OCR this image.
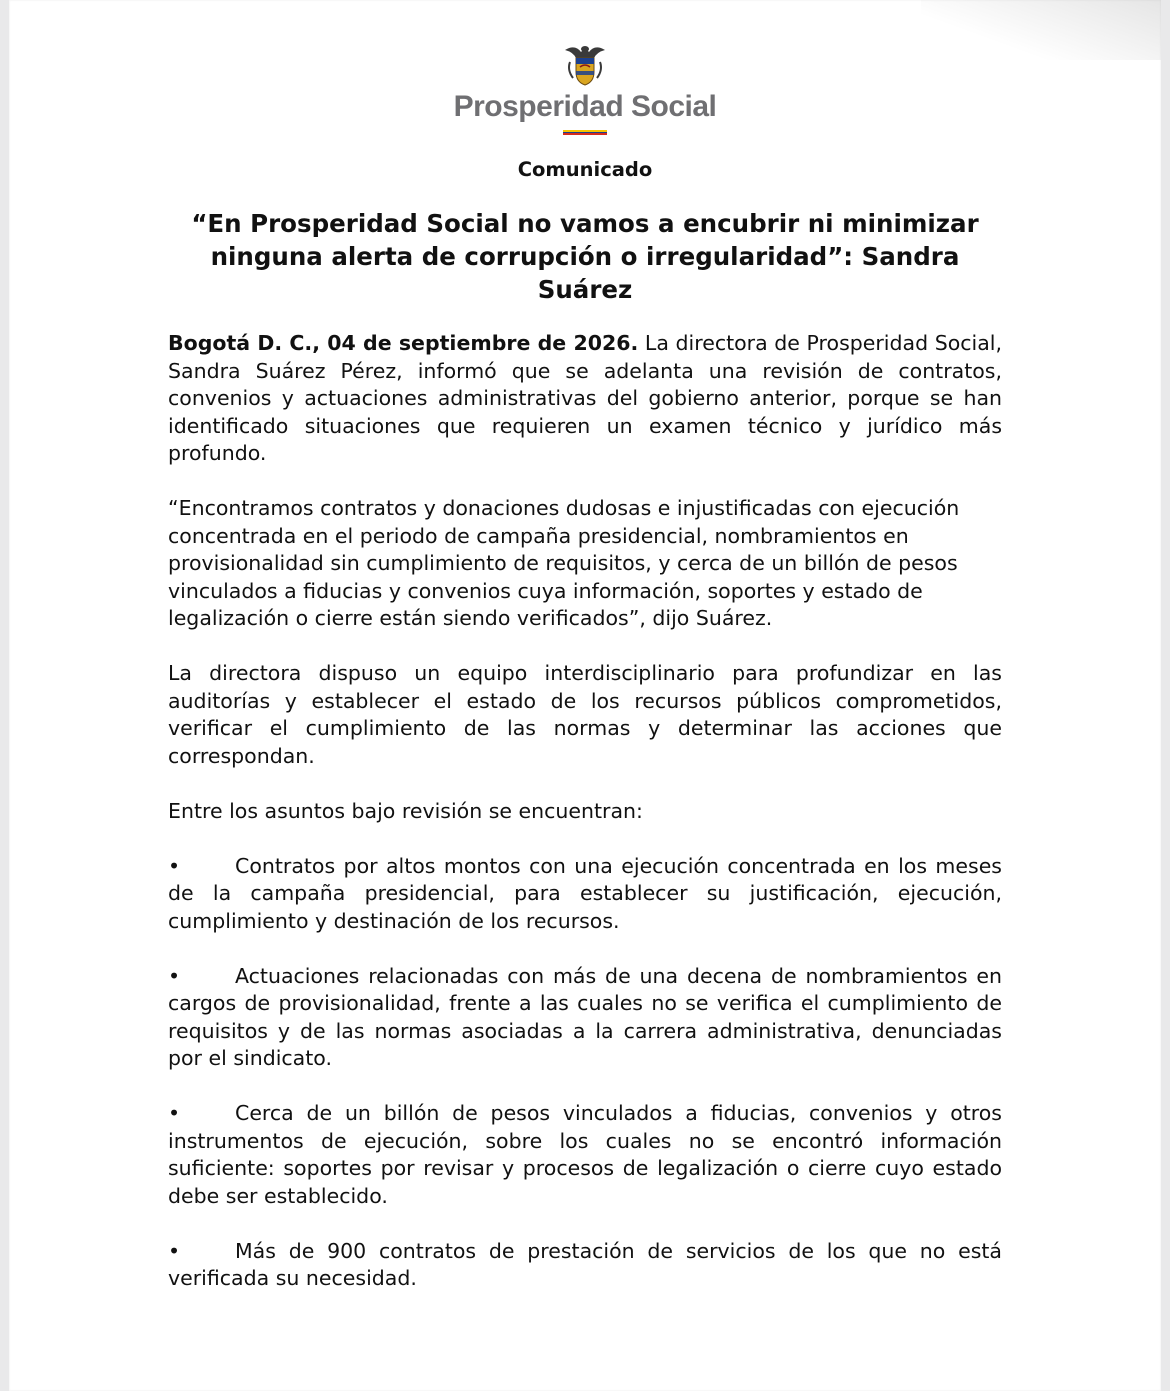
Prosperidad Social

Comunicado

“En Prosperidad Social no vamos a encubrir ni minimizar ninguna alerta de corrupción o irregularidad”: Sandra Suárez

Bogotá D. C., 04 de septiembre de 2026. La directora de Prosperidad Social, Sandra Suárez Pérez, informó que se adelanta una revisión de contratos, convenios y actuaciones administrativas del gobierno anterior, porque se han identificado situaciones que requieren un examen técnico y jurídico más profundo.

“Encontramos contratos y donaciones dudosas e injustificadas con ejecución concentrada en el periodo de campaña presidencial, nombramientos en provisionalidad sin cumplimiento de requisitos, y cerca de un billón de pesos vinculados a fiducias y convenios cuya información, soportes y estado de legalización o cierre están siendo verificados”, dijo Suárez.

La directora dispuso un equipo interdisciplinario para profundizar en las auditorías y establecer el estado de los recursos públicos comprometidos, verificar el cumplimiento de las normas y determinar las acciones que correspondan.

Entre los asuntos bajo revisión se encuentran:

•	Contratos por altos montos con una ejecución concentrada en los meses de la campaña presidencial, para establecer su justificación, ejecución, cumplimiento y destinación de los recursos.
•	Actuaciones relacionadas con más de una decena de nombramientos en cargos de provisionalidad, frente a las cuales no se verifica el cumplimiento de requisitos y de las normas asociadas a la carrera administrativa, denunciadas por el sindicato.
•	Cerca de un billón de pesos vinculados a fiducias, convenios y otros instrumentos de ejecución, sobre los cuales no se encontró información suficiente: soportes por revisar y procesos de legalización o cierre cuyo estado debe ser establecido.
•	Más de 900 contratos de prestación de servicios de los que no está verificada su necesidad.
